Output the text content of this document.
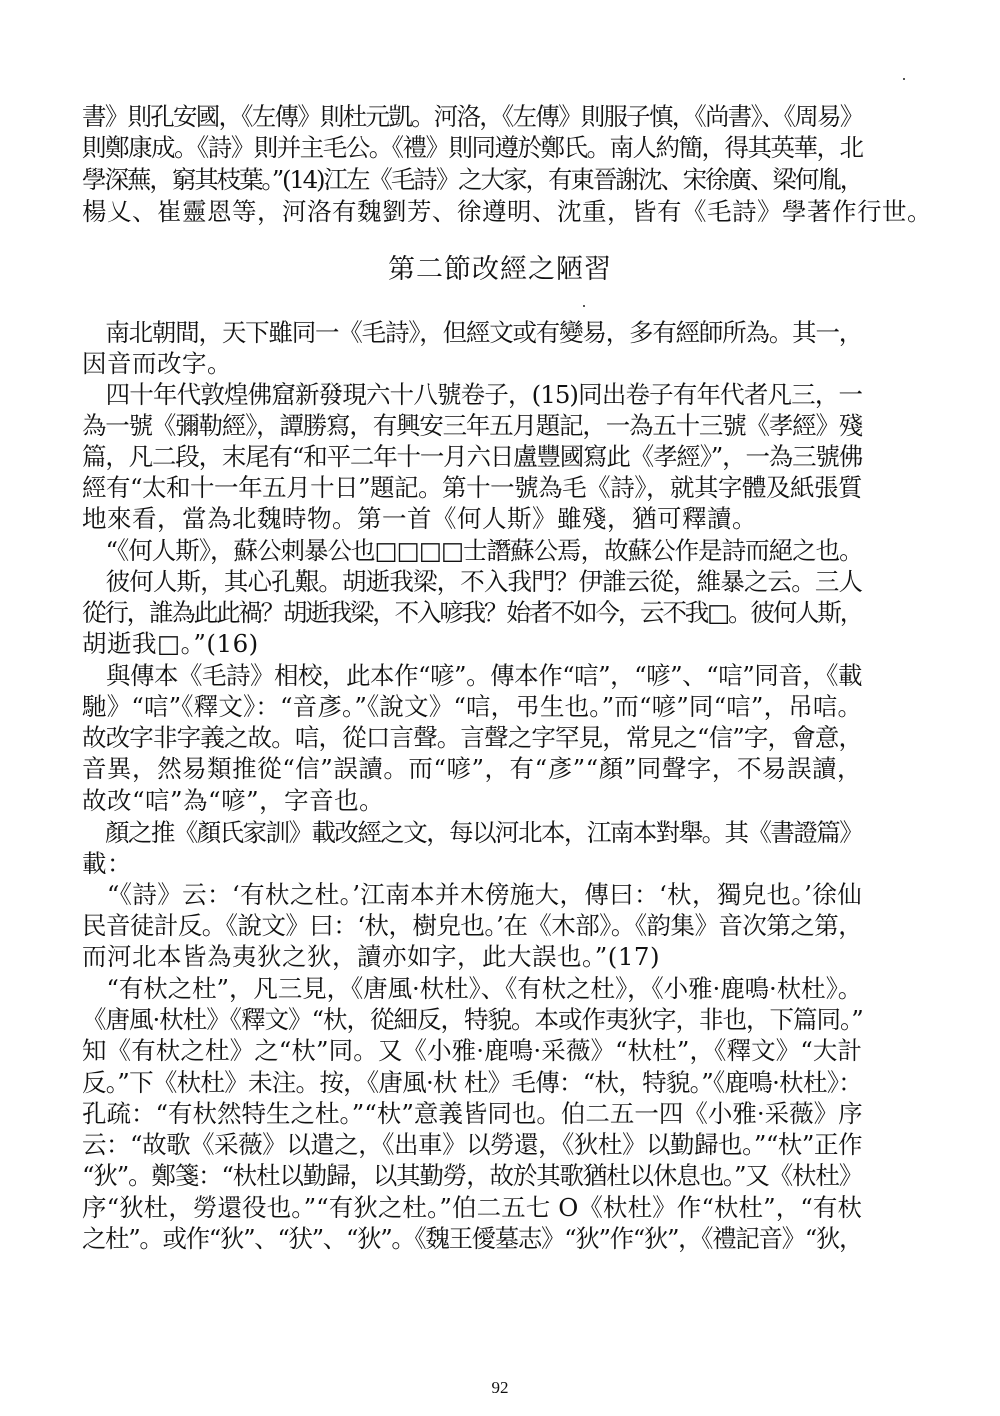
書》則孔安國，《左傳》則杜元凱。河洛，《左傳》則服子慎，《尚書》、《周易》
則鄭康成。《詩》則并主毛公。《禮》則同遵於鄭氏。南人約簡，得其英華，北
學深蕪，窮其枝葉。”(14)江左《毛詩》之大家，有東晉謝沈、宋徐廣、梁何胤，
楊乂、崔靈恩等，河洛有魏劉芳、徐遵明、沈重，皆有《毛詩》學著作行世。
第二節改經之陋習
　南北朝間，天下雖同一《毛詩》，但經文或有變易，多有經師所為。其一，
因音而改字。
　四十年代敦煌佛窟新發現六十八號卷子，(15)同出卷子有年代者凡三，一
為一號《彌勒經》，譚勝寫，有興安三年五月題記，一為五十三號《孝經》殘
篇，凡二段，末尾有“和平二年十一月六日盧豐國寫此《孝經》”，一為三號佛
經有“太和十一年五月十日”題記。第十一號為毛《詩》，就其字體及紙張質
地來看，當為北魏時物。第一首《何人斯》雖殘，猶可釋讀。
　“《何人斯》，蘇公刺暴公也□□□□士譖蘇公焉，故蘇公作是詩而絕之也。
　彼何人斯，其心孔艱。胡逝我梁，不入我門？伊誰云從，維暴之云。三人
從行，誰為此此禍？胡逝我梁，不入喭我？始者不如今，云不我□。彼何人斯，
胡逝我□。”(16)
　與傳本《毛詩》相校，此本作“喭”。傳本作“唁”，“喭”、“唁”同音，《載
馳》“唁”《釋文》：“音彥。”《說文》“唁，弔生也。”而“喭”同“唁”，吊唁。
故改字非字義之故。唁，從口言聲。言聲之字罕見，常見之“信”字，會意，
音異，然易類推從“信”誤讀。而“喭”，有“彥”“顏”同聲字，不易誤讀，
故改“唁”為“喭”，字音也。
　顏之推《顏氏家訓》載改經之文，每以河北本，江南本對舉。其《書證篇》
載：
　“《詩》云：‘有杕之杜。’江南本并木傍施大，傳曰：‘杕，獨皃也。’徐仙
民音徒計反。《說文》曰：‘杕，樹皃也。’在《木部》。《韵集》音次第之第，
而河北本皆為夷狄之狄，讀亦如字，此大誤也。”(17)
　“有杕之杜”，凡三見，《唐風·杕杜》、《有杕之杜》，《小雅·鹿鳴·杕杜》。
《唐風·杕杜》《釋文》“杕，從細反，特貌。本或作夷狄字，非也，下篇同。”
知《有杕之杜》之“杕”同。又《小雅·鹿鳴·采薇》“杕杜”，《釋文》“大計
反。”下《杕杜》未注。按，《唐風·杕 杜》毛傳：“杕，特貌。”《鹿鳴·杕杜》：
孔疏：“有杕然特生之杜。”“杕”意義皆同也。伯二五一四《小雅·采薇》序
云：“故歌《采薇》以遣之，《出車》以勞還，《狄杜》以勤歸也。”“杕”正作
“狄”。鄭箋：“杕杜以勤歸，以其勤勞，故於其歌猶杜以休息也。”又《杕杜》
序“狄杜，勞還役也。”“有狄之杜。”伯二五七 O《杕杜》作“杕杜”，“有杕
之杜”。或作“狄”、“犾”、“狄”。《魏王僾墓志》“狄”作“狄”，《禮記音》“狄，
92
